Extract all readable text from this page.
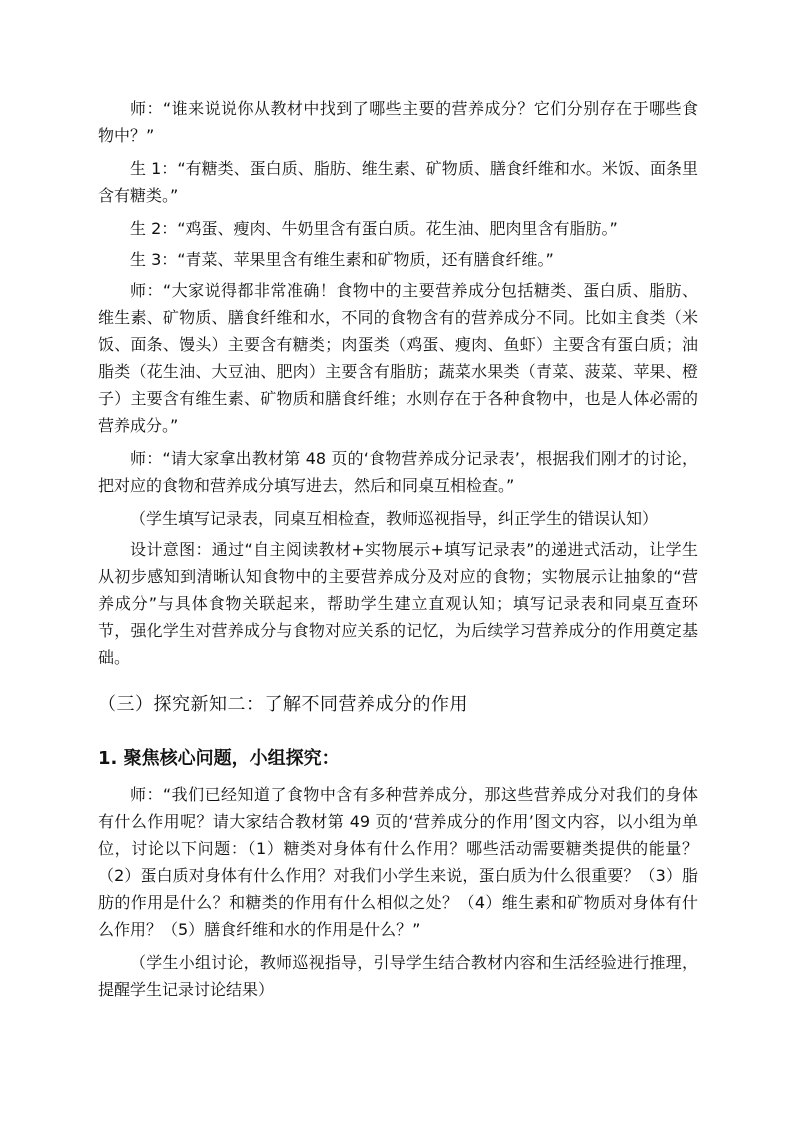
师：“谁来说说你从教材中找到了哪些主要的营养成分？它们分别存在于哪些食物中？”

生 1：“有糖类、蛋白质、脂肪、维生素、矿物质、膳食纤维和水。米饭、面条里含有糖类。”

生 2：“鸡蛋、瘦肉、牛奶里含有蛋白质。花生油、肥肉里含有脂肪。”

生 3：“青菜、苹果里含有维生素和矿物质，还有膳食纤维。”

师：“大家说得都非常准确！食物中的主要营养成分包括糖类、蛋白质、脂肪、维生素、矿物质、膳食纤维和水，不同的食物含有的营养成分不同。比如主食类（米饭、面条、馒头）主要含有糖类；肉蛋类（鸡蛋、瘦肉、鱼虾）主要含有蛋白质；油脂类（花生油、大豆油、肥肉）主要含有脂肪；蔬菜水果类（青菜、菠菜、苹果、橙子）主要含有维生素、矿物质和膳食纤维；水则存在于各种食物中，也是人体必需的营养成分。”

师：“请大家拿出教材第 48 页的‘食物营养成分记录表’，根据我们刚才的讨论，把对应的食物和营养成分填写进去，然后和同桌互相检查。”

（学生填写记录表，同桌互相检查，教师巡视指导，纠正学生的错误认知）

设计意图：通过“自主阅读教材+实物展示+填写记录表”的递进式活动，让学生从初步感知到清晰认知食物中的主要营养成分及对应的食物；实物展示让抽象的“营养成分”与具体食物关联起来，帮助学生建立直观认知；填写记录表和同桌互查环节，强化学生对营养成分与食物对应关系的记忆，为后续学习营养成分的作用奠定基础。

（三）探究新知二：了解不同营养成分的作用
1. 聚焦核心问题，小组探究：

师：“我们已经知道了食物中含有多种营养成分，那这些营养成分对我们的身体有什么作用呢？请大家结合教材第 49 页的‘营养成分的作用’图文内容，以小组为单位，讨论以下问题：（1）糖类对身体有什么作用？哪些活动需要糖类提供的能量？（2）蛋白质对身体有什么作用？对我们小学生来说，蛋白质为什么很重要？（3）脂肪的作用是什么？和糖类的作用有什么相似之处？（4）维生素和矿物质对身体有什么作用？（5）膳食纤维和水的作用是什么？”

（学生小组讨论，教师巡视指导，引导学生结合教材内容和生活经验进行推理，提醒学生记录讨论结果）
